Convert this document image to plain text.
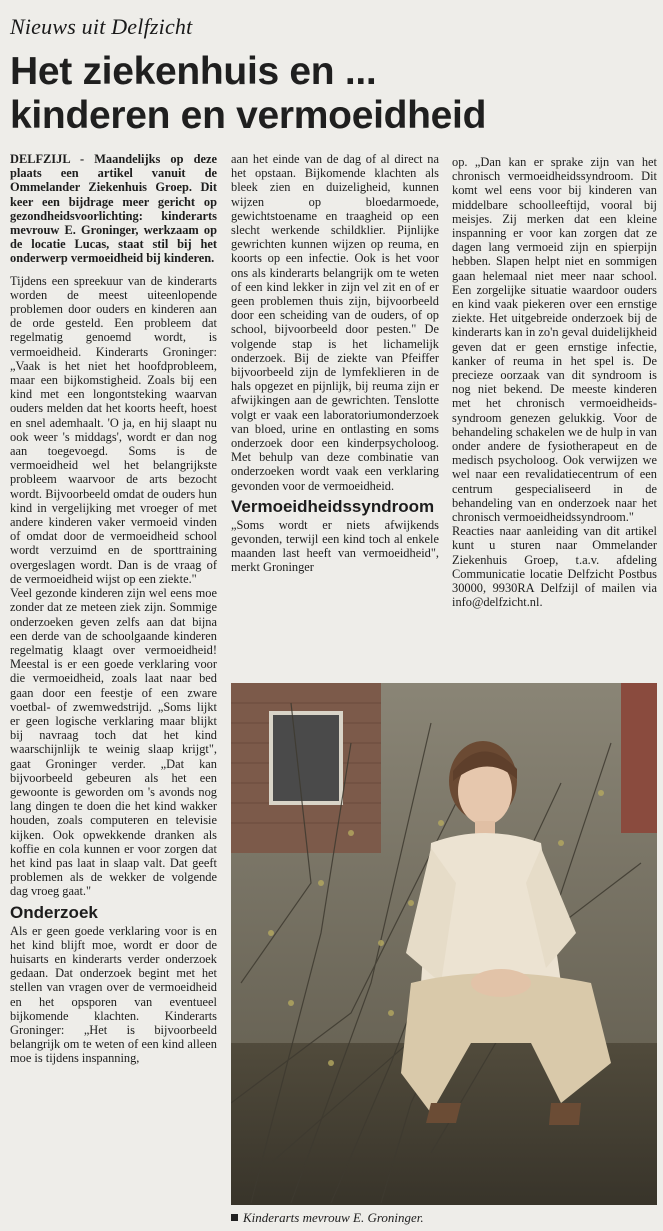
Nieuws uit Delfzicht
Het ziekenhuis en ...
kinderen en vermoeidheid

DELFZIJL - Maandelijks op deze plaats een artikel vanuit de Ommelander Ziekenhuis Groep. Dit keer een bijdrage meer gericht op gezondheidsvoorlichting: kinderarts mevrouw E. Groninger, werkzaam op de locatie Lucas, staat stil bij het onderwerp vermoeidheid bij kinderen.

Tijdens een spreekuur van de kinderarts worden de meest uiteenlopende problemen door ouders en kinderen aan de orde gesteld. Een probleem dat regelmatig genoemd wordt, is vermoeidheid. Kinderarts Groninger: „Vaak is het niet het hoofdprobleem, maar een bijkomstigheid. Zoals bij een kind met een longontsteking waarvan ouders melden dat het koorts heeft, hoest en snel ademhaalt. 'O ja, en hij slaapt nu ook weer 's middags', wordt er dan nog aan toegevoegd. Soms is de vermoeidheid wel het belangrijkste probleem waarvoor de arts bezocht wordt. Bijvoorbeeld omdat de ouders hun kind in vergelijking met vroeger of met andere kinderen vaker vermoeid vinden of omdat door de vermoeidheid school wordt verzuimd en de sporttraining overgeslagen wordt. Dan is de vraag of de vermoeidheid wijst op een ziekte."

Veel gezonde kinderen zijn wel eens moe zonder dat ze meteen ziek zijn. Sommige onderzoeken geven zelfs aan dat bijna een derde van de schoolgaande kinderen regelmatig klaagt over vermoeidheid! Meestal is er een goede verklaring voor die vermoeidheid, zoals laat naar bed gaan door een feestje of een zware voetbal- of zwemwedstrijd. „Soms lijkt er geen logische verklaring maar blijkt bij navraag toch dat het kind waarschijnlijk te weinig slaap krijgt", gaat Groninger verder. „Dat kan bijvoorbeeld gebeuren als het een gewoonte is geworden om 's avonds nog lang dingen te doen die het kind wakker houden, zoals computeren en televisie kijken. Ook opwekkende dranken als koffie en cola kunnen er voor zorgen dat het kind pas laat in slaap valt. Dat geeft problemen als de wekker de volgende dag vroeg gaat."

Onderzoek

Als er geen goede verklaring voor is en het kind blijft moe, wordt er door de huisarts en kinderarts verder onderzoek gedaan. Dat onderzoek begint met het stellen van vragen over de vermoeidheid en het opsporen van eventueel bijkomende klachten. Kinderarts Groninger: „Het is bijvoorbeeld belangrijk om te weten of een kind alleen moe is tijdens inspanning,

aan het einde van de dag of al direct na het opstaan. Bijkomende klachten als bleek zien en duizeligheid, kunnen wijzen op bloedarmoede, gewichtstoename en traagheid op een slecht werkende schildklier. Pijnlijke gewrichten kunnen wijzen op reuma, en koorts op een infectie. Ook is het voor ons als kinderarts belangrijk om te weten of een kind lekker in zijn vel zit en of er geen problemen thuis zijn, bijvoorbeeld door een scheiding van de ouders, of op school, bijvoorbeeld door pesten." De volgende stap is het lichamelijk onderzoek. Bij de ziekte van Pfeiffer bijvoorbeeld zijn de lymfeklieren in de hals opgezet en pijnlijk, bij reuma zijn er afwijkingen aan de gewrichten. Tenslotte volgt er vaak een laboratoriumonderzoek van bloed, urine en ontlasting en soms onderzoek door een kinderpsycholoog. Met behulp van deze combinatie van onderzoeken wordt vaak een verklaring gevonden voor de vermoeidheid.

Vermoeidheidssyndroom

„Soms wordt er niets afwijkends gevonden, terwijl een kind toch al enkele maanden last heeft van vermoeidheid", merkt Groninger

op. „Dan kan er sprake zijn van het chronisch vermoeidheidssyndroom. Dit komt wel eens voor bij kinderen van middelbare schoolleeftijd, vooral bij meisjes. Zij merken dat een kleine inspanning er voor kan zorgen dat ze dagen lang vermoeid zijn en spierpijn hebben. Slapen helpt niet en sommigen gaan helemaal niet meer naar school. Een zorgelijke situatie waardoor ouders en kind vaak piekeren over een ernstige ziekte. Het uitgebreide onderzoek bij de kinderarts kan in zo'n geval duidelijkheid geven dat er geen ernstige infectie, kanker of reuma in het spel is. De precieze oorzaak van dit syndroom is nog niet bekend. De meeste kinderen met het chronisch vermoeidheids-syndroom genezen gelukkig. Voor de behandeling schakelen we de hulp in van onder andere de fysiotherapeut en de medisch psycholoog. Ook verwijzen we wel naar een revalidatiecentrum of een centrum gespecialiseerd in de behandeling van en onderzoek naar het chronisch vermoeidheidssyndroom."

Reacties naar aanleiding van dit artikel kunt u sturen naar Ommelander Ziekenhuis Groep, t.a.v. afdeling Communicatie locatie Delfzicht Postbus 30000, 9930RA Delfzijl of mailen via info@delfzicht.nl.

Kinderarts mevrouw E. Groninger.
